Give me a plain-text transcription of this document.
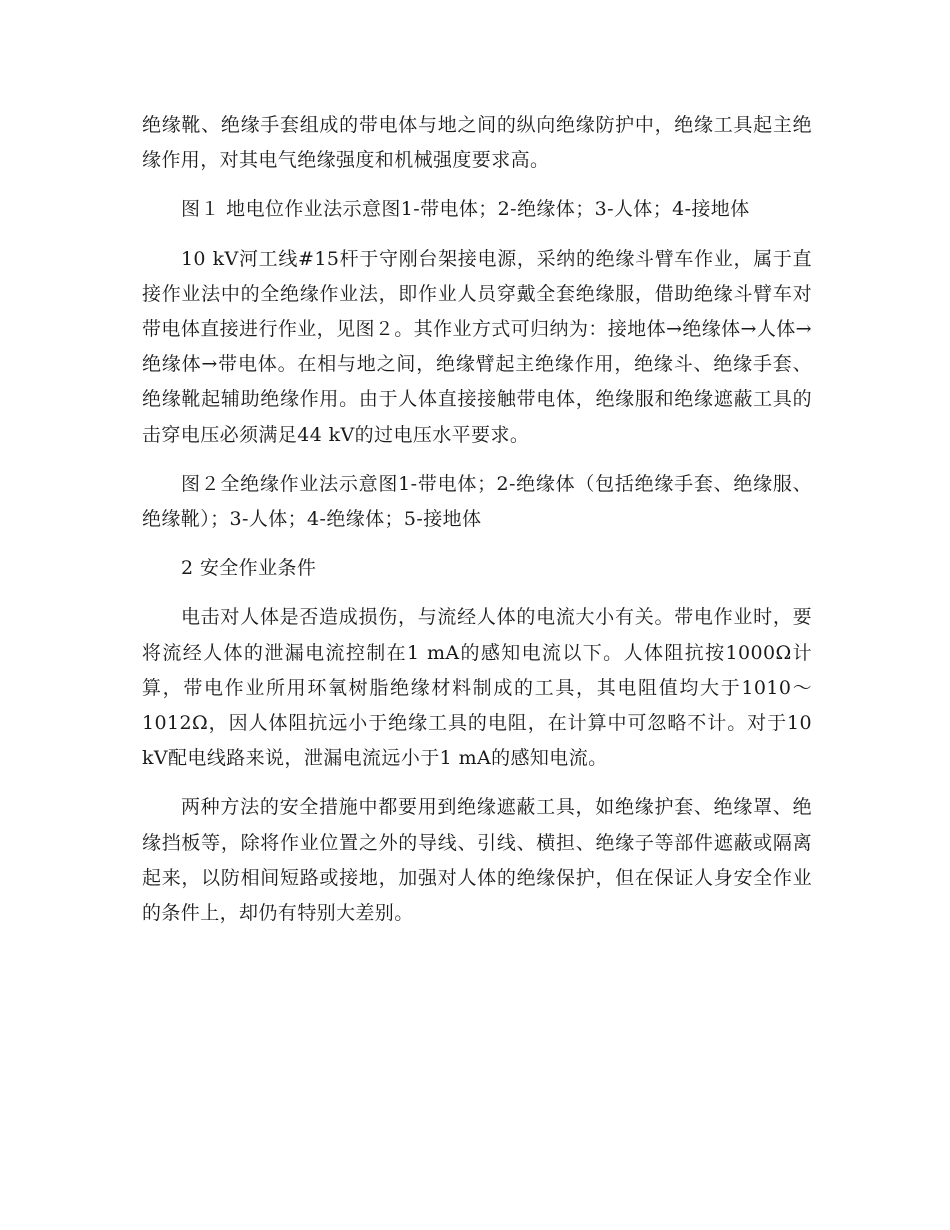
绝缘靴、绝缘手套组成的带电体与地之间的纵向绝缘防护中，绝缘工具起主绝缘作用，对其电气绝缘强度和机械强度要求高。

图１ 地电位作业法示意图1-带电体；2-绝缘体；3-人体；4-接地体

10 kV河工线#15杆于守刚台架接电源，采纳的绝缘斗臂车作业，属于直接作业法中的全绝缘作业法，即作业人员穿戴全套绝缘服，借助绝缘斗臂车对带电体直接进行作业，见图２。其作业方式可归纳为：接地体→绝缘体→人体→绝缘体→带电体。在相与地之间，绝缘臂起主绝缘作用，绝缘斗、绝缘手套、绝缘靴起辅助绝缘作用。由于人体直接接触带电体，绝缘服和绝缘遮蔽工具的击穿电压必须满足44 kV的过电压水平要求。

图２全绝缘作业法示意图1-带电体；2-绝缘体（包括绝缘手套、绝缘服、绝缘靴）；3-人体；4-绝缘体；5-接地体

2 安全作业条件

电击对人体是否造成损伤，与流经人体的电流大小有关。带电作业时，要将流经人体的泄漏电流控制在1 mA的感知电流以下。人体阻抗按1000Ω计算，带电作业所用环氧树脂绝缘材料制成的工具，其电阻值均大于1010～1012Ω，因人体阻抗远小于绝缘工具的电阻，在计算中可忽略不计。对于10 kV配电线路来说，泄漏电流远小于1 mA的感知电流。

两种方法的安全措施中都要用到绝缘遮蔽工具，如绝缘护套、绝缘罩、绝缘挡板等，除将作业位置之外的导线、引线、横担、绝缘子等部件遮蔽或隔离起来，以防相间短路或接地，加强对人体的绝缘保护，但在保证人身安全作业的条件上，却仍有特别大差别。
